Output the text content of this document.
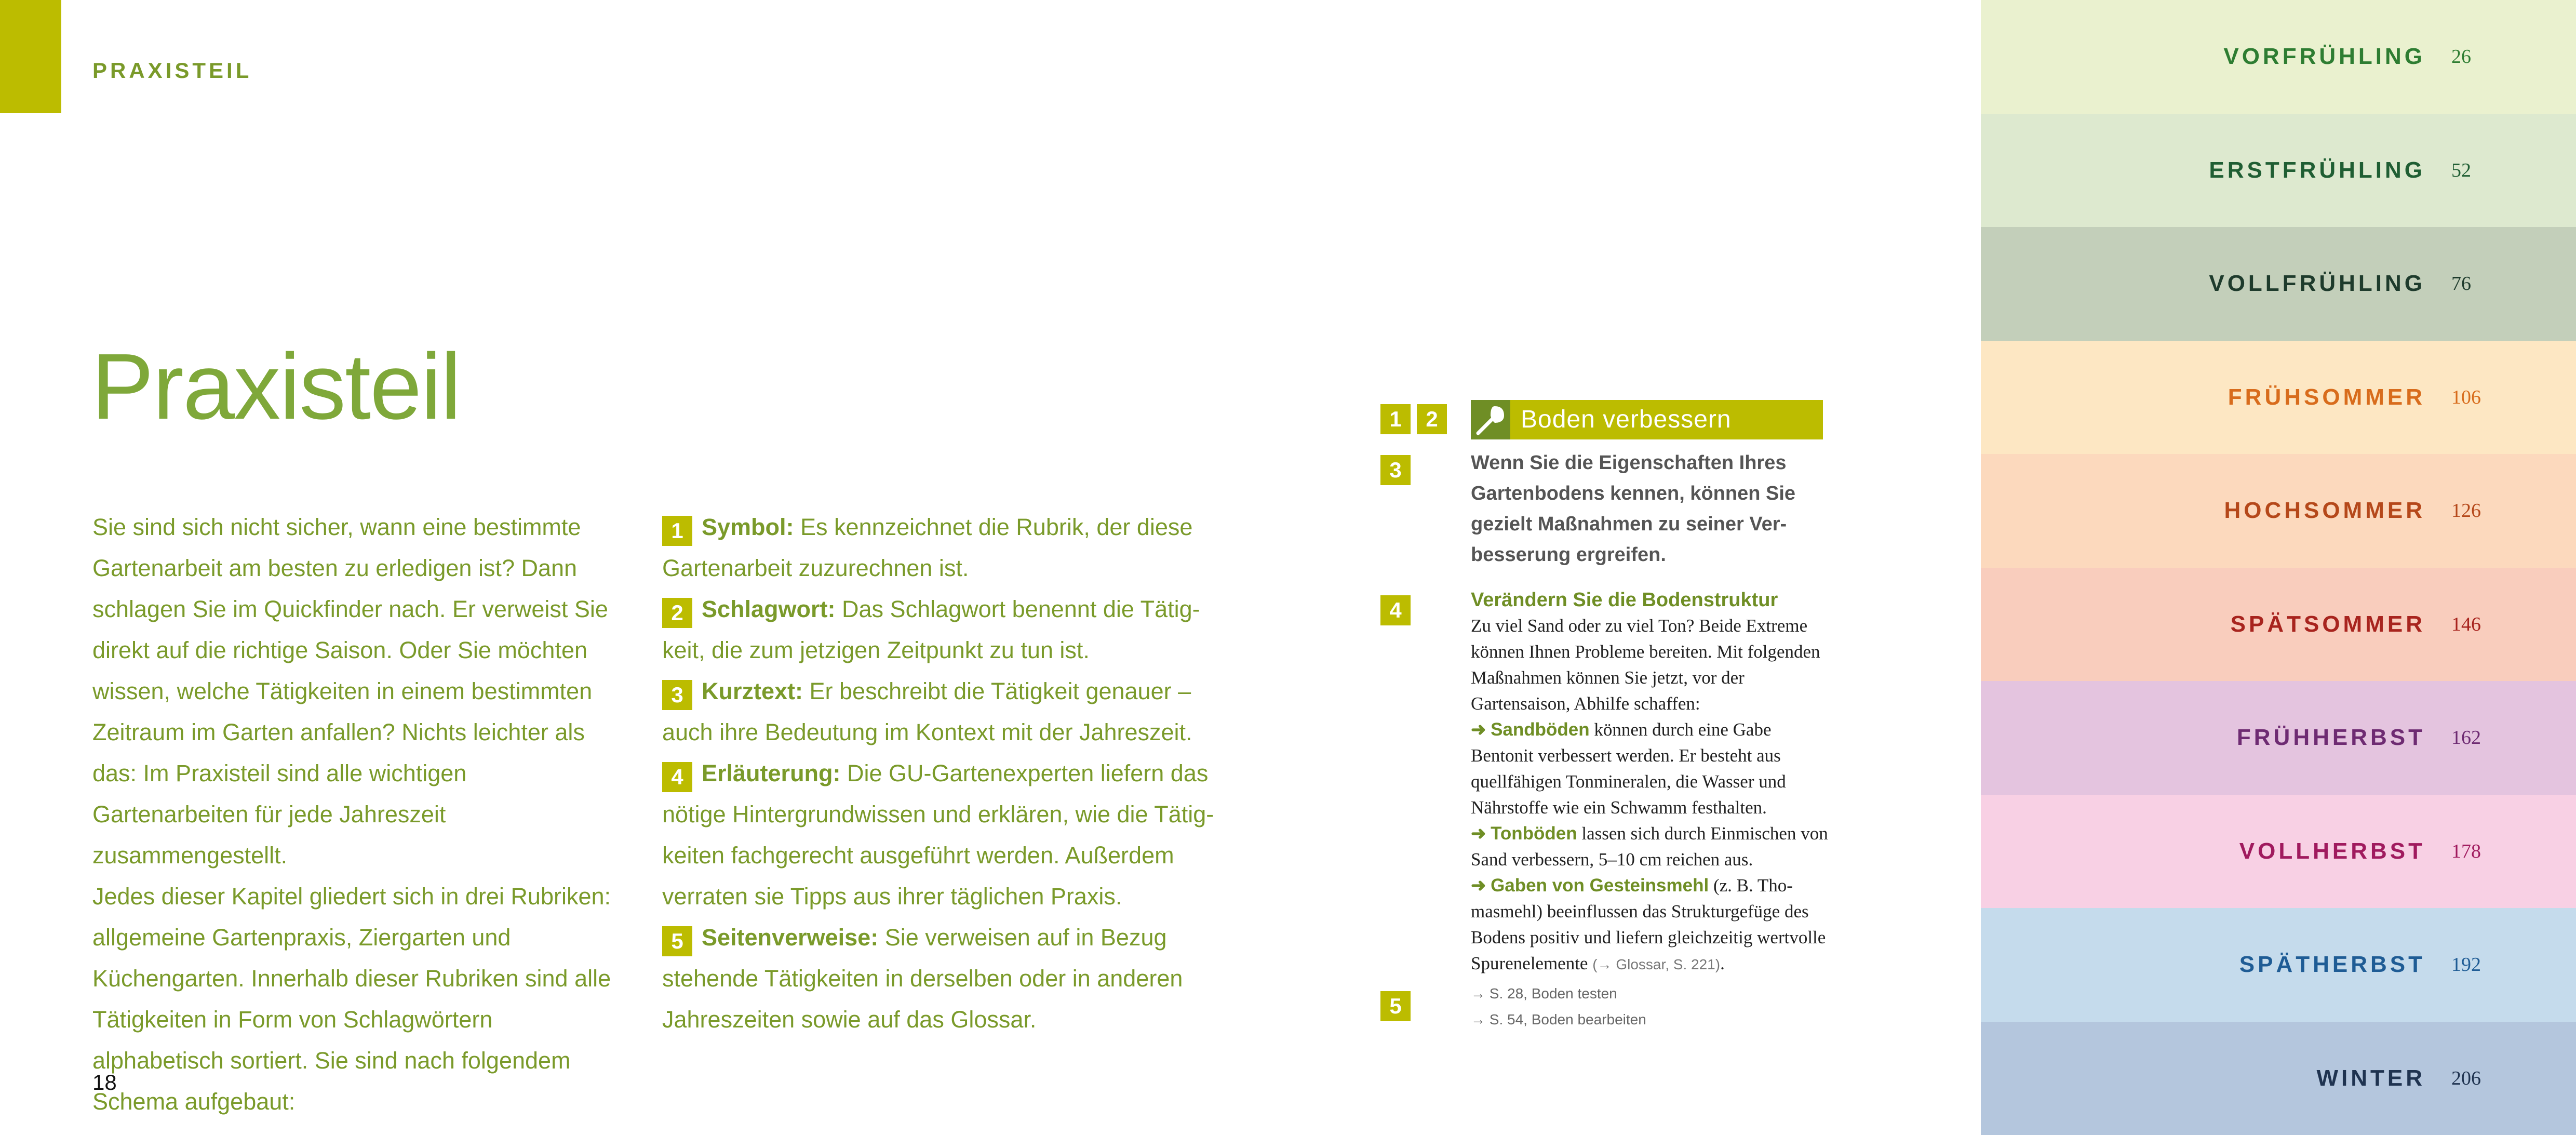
PRAXISTEIL
Praxisteil
Sie sind sich nicht sicher, wann eine bestimmte Gartenarbeit am besten zu erledigen ist? Dann schlagen Sie im Quickfinder nach. Er verweist Sie direkt auf die richtige Saison. Oder Sie möchten wissen, welche Tätigkeiten in einem bestimmten Zeitraum im Garten anfallen? Nichts leichter als das: Im Praxisteil sind alle wichtigen Gartenarbeiten für jede Jahreszeit zusammengestellt.
Jedes dieser Kapitel gliedert sich in drei Rubriken: allgemeine Gartenpraxis, Ziergarten und Küchengarten. Innerhalb dieser Rubriken sind alle Tätigkeiten in Form von Schlagwörtern alphabetisch sortiert. Sie sind nach folgendem Schema aufgebaut:
1 Symbol: Es kennzeichnet die Rubrik, der diese
Gartenarbeit zuzurechnen ist.
2 Schlagwort: Das Schlagwort benennt die Tätig-
keit, die zum jetzigen Zeitpunkt zu tun ist.
3 Kurztext: Er beschreibt die Tätigkeit genauer –
auch ihre Bedeutung im Kontext mit der Jahreszeit.
4 Erläuterung: Die GU-Gartenexperten liefern das
nötige Hintergrundwissen und erklären, wie die Tätig-
keiten fachgerecht ausgeführt werden. Außerdem
verraten sie Tipps aus ihrer täglichen Praxis.
5 Seitenverweise: Sie verweisen auf in Bezug
stehende Tätigkeiten in derselben oder in anderen
Jahreszeiten sowie auf das Glossar.
1	2
3
4
5
Boden verbessern
Wenn Sie die Eigenschaften Ihres Gartenbodens kennen, können Sie gezielt Maßnahmen zu seiner Verbesserung ergreifen.
Verändern Sie die Bodenstruktur
Zu viel Sand oder zu viel Ton? Beide Extreme können Ihnen Probleme bereiten. Mit folgenden Maßnahmen können Sie jetzt, vor der Gartensaison, Abhilfe schaffen:
➜ Sandböden können durch eine Gabe Bentonit verbessert werden. Er besteht aus quellfähigen Tonmineralen, die Wasser und Nährstoffe wie ein Schwamm festhalten.
➜ Tonböden lassen sich durch Einmischen von Sand verbessern, 5–10 cm reichen aus.
➜ Gaben von Gesteinsmehl (z. B. Thomasmehl) beeinflussen das Strukturgefüge des Bodens positiv und liefern gleichzeitig wertvolle Spurenelemente (→ Glossar, S. 221).
→ S. 28, Boden testen
→ S. 54, Boden bearbeiten
18
VORFRÜHLING 26
ERSTFRÜHLING 52
VOLLFRÜHLING 76
FRÜHSOMMER 106
HOCHSOMMER 126
SPÄTSOMMER 146
FRÜHHERBST 162
VOLLHERBST 178
SPÄTHERBST 192
WINTER 206
